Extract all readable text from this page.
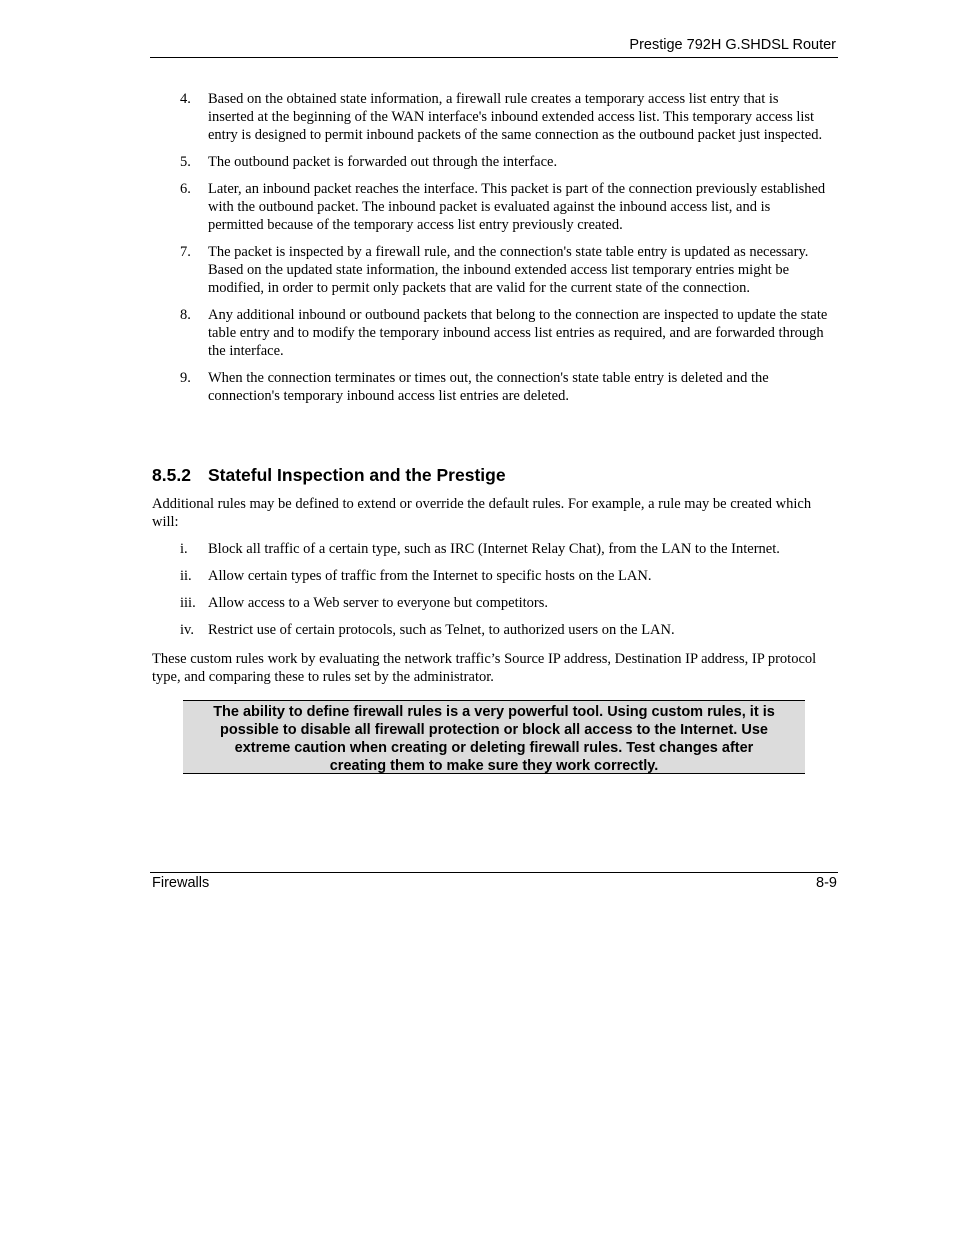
Prestige 792H G.SHDSL Router
4. Based on the obtained state information, a firewall rule creates a temporary access list entry that is inserted at the beginning of the WAN interface's inbound extended access list. This temporary access list entry is designed to permit inbound packets of the same connection as the outbound packet just inspected.
5. The outbound packet is forwarded out through the interface.
6. Later, an inbound packet reaches the interface. This packet is part of the connection previously established with the outbound packet. The inbound packet is evaluated against the inbound access list, and is permitted because of the temporary access list entry previously created.
7. The packet is inspected by a firewall rule, and the connection's state table entry is updated as necessary. Based on the updated state information, the inbound extended access list temporary entries might be modified, in order to permit only packets that are valid for the current state of the connection.
8. Any additional inbound or outbound packets that belong to the connection are inspected to update the state table entry and to modify the temporary inbound access list entries as required, and are forwarded through the interface.
9. When the connection terminates or times out, the connection's state table entry is deleted and the connection's temporary inbound access list entries are deleted.
8.5.2 Stateful Inspection and the Prestige
Additional rules may be defined to extend or override the default rules. For example, a rule may be created which will:
i. Block all traffic of a certain type, such as IRC (Internet Relay Chat), from the LAN to the Internet.
ii. Allow certain types of traffic from the Internet to specific hosts on the LAN.
iii. Allow access to a Web server to everyone but competitors.
iv. Restrict use of certain protocols, such as Telnet, to authorized users on the LAN.
These custom rules work by evaluating the network traffic’s Source IP address, Destination IP address, IP protocol type, and comparing these to rules set by the administrator.
The ability to define firewall rules is a very powerful tool. Using custom rules, it is
possible to disable all firewall protection or block all access to the Internet. Use
extreme caution when creating or deleting firewall rules. Test changes after
creating them to make sure they work correctly.
Firewalls	8-9
